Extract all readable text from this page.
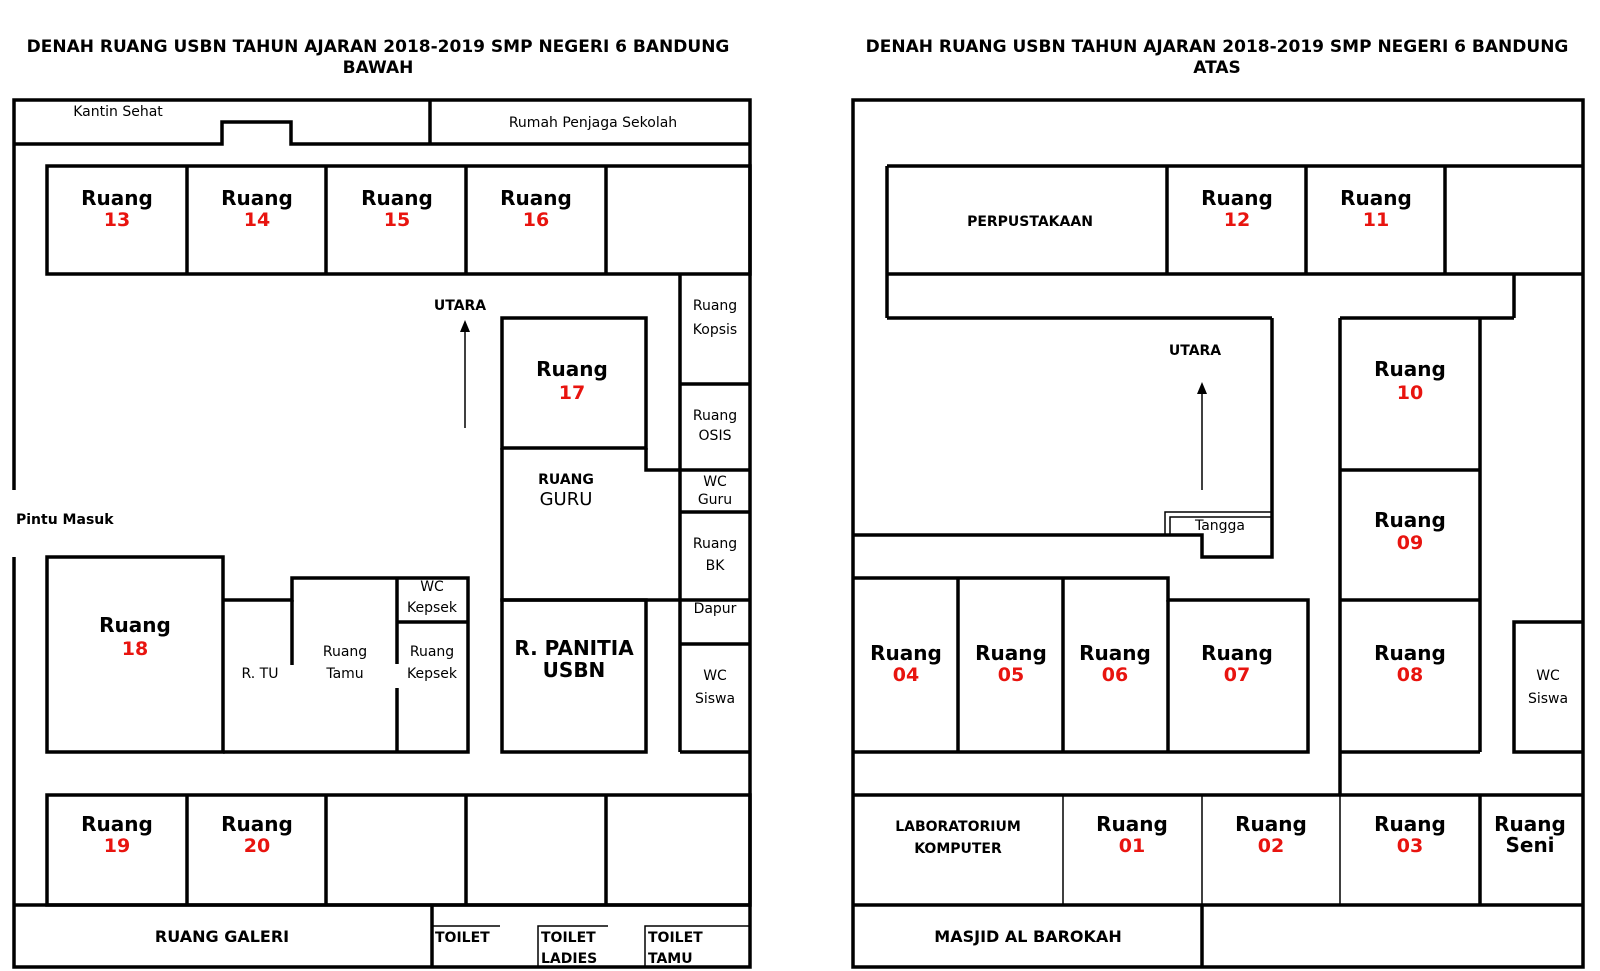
DENAH RUANG USBN TAHUN AJARAN 2018-2019 SMP NEGERI 6 BANDUNG
BAWAH
Kantin Sehat
Rumah Penjaga Sekolah
Ruang
13
Ruang
14
Ruang
15
Ruang
16
UTARA
Ruang
17
Ruang
Kopsis
Ruang
OSIS
WC
Guru
Ruang
BK
Dapur
WC
Siswa
RUANG
GURU
R. PANITIA
USBN
Pintu Masuk
Ruang
18
R. TU
Ruang
Tamu
WC
Kepsek
Ruang
Kepsek
Ruang
19
Ruang
20
RUANG GALERI	TOILET	TOILET
LADIES
TOILET
TAMU
DENAH RUANG USBN TAHUN AJARAN 2018-2019 SMP NEGERI 6 BANDUNG
ATAS
PERPUSTAKAAN
Ruang
12
Ruang
11
UTARA
Tangga
Ruang
10
Ruang
09
Ruang
08	WC
Siswa
Ruang
04
Ruang
05
Ruang
06
Ruang
07
LABORATORIUM
KOMPUTER
Ruang
01
Ruang
02
Ruang
03
Ruang
Seni
MASJID AL BAROKAH
